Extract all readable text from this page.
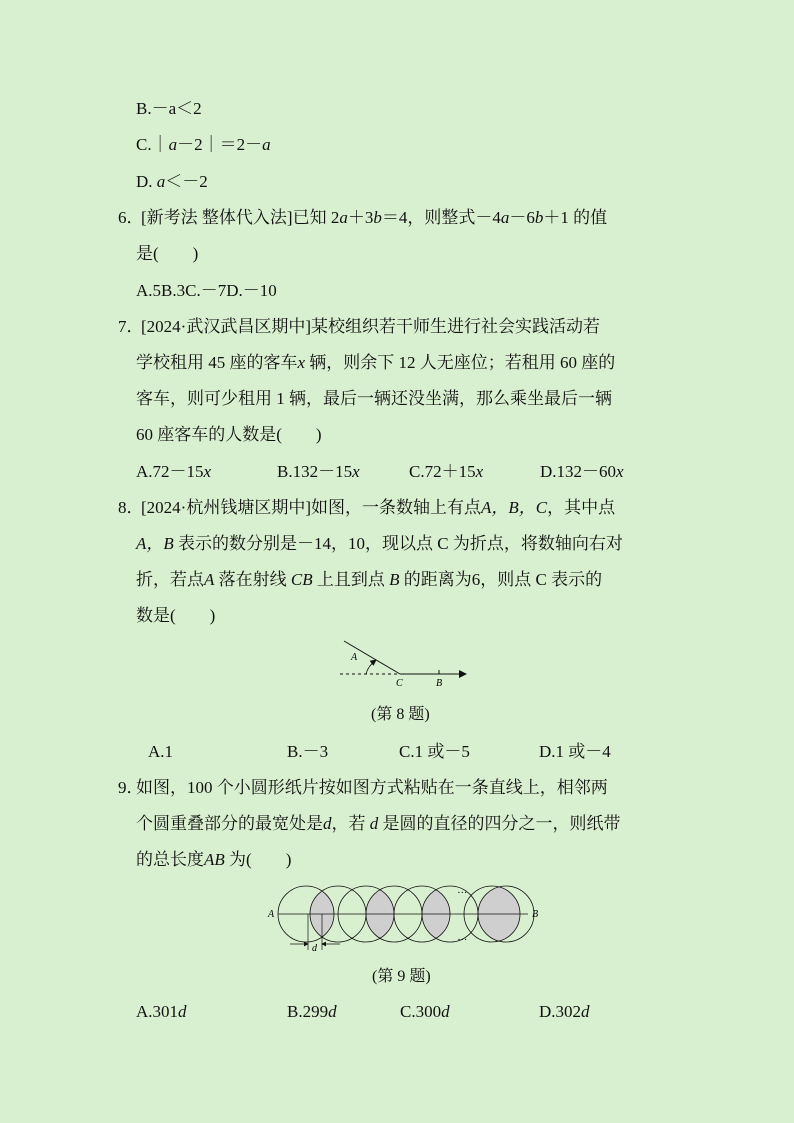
B.－a＜2
C.｜a－2｜＝2－a
D. a＜－2
6．
[新考法 整体代入法]已知 2a＋3b＝4，则整式－4a－6b＋1 的值
是(　　)
A.5B.3C.－7D.－10
7．
[2024·武汉武昌区期中]某校组织若干师生进行社会实践活动若
学校租用 45 座的客车x 辆，则余下 12 人无座位；若租用 60 座的
客车，则可少租用 1 辆，最后一辆还没坐满，那么乘坐最后一辆
60 座客车的人数是(　　)
A.72－15x	B.132－15x	C.72＋15x	D.132－60x
8．
[2024·杭州钱塘区期中]如图，一条数轴上有点A，B，C，其中点
A，B 表示的数分别是－14，10，现以点 C 为折点，将数轴向右对
折，若点A 落在射线 CB 上且到点 B 的距离为6，则点 C 表示的
数是(　　)
A
C	B
(第 8 题)
A.1	B.－3	C.1 或－5	D.1 或－4
9．
如图，100 个小圆形纸片按如图方式粘贴在一条直线上，相邻两
个圆重叠部分的最宽处是d，若 d 是圆的直径的四分之一，则纸带
的总长度AB 为(　　)
A	B
d
…
…
(第 9 题)
A.301d	B.299d	C.300d	D.302d
